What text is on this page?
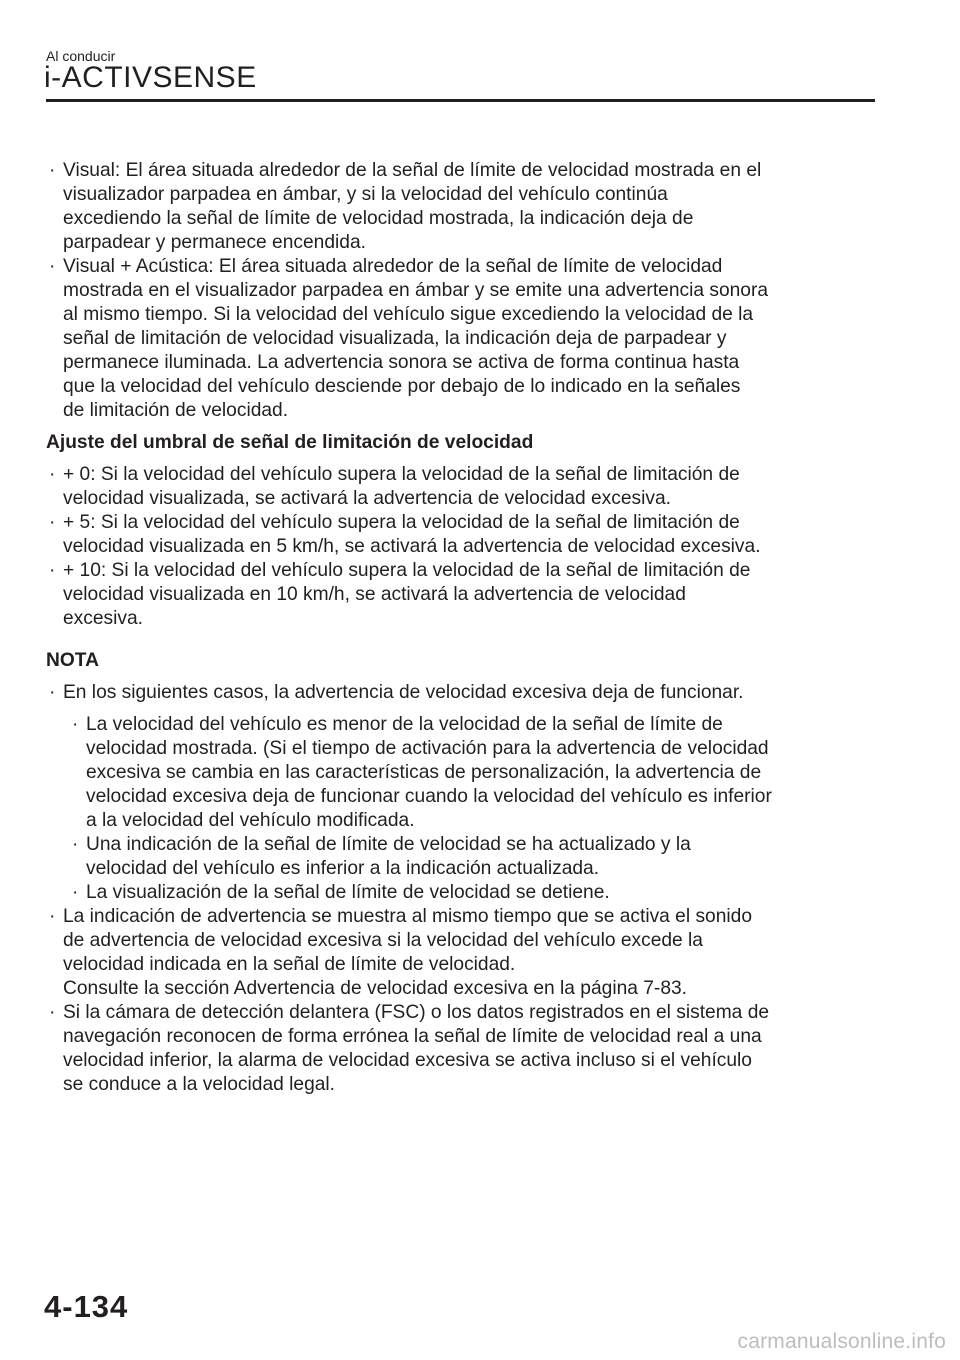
Al conducir
i-ACTIVSENSE
· Visual: El área situada alrededor de la señal de límite de velocidad mostrada en el
visualizador parpadea en ámbar, y si la velocidad del vehículo continúa
excediendo la señal de límite de velocidad mostrada, la indicación deja de
parpadear y permanece encendida.
· Visual + Acústica: El área situada alrededor de la señal de límite de velocidad
mostrada en el visualizador parpadea en ámbar y se emite una advertencia sonora
al mismo tiempo. Si la velocidad del vehículo sigue excediendo la velocidad de la
señal de limitación de velocidad visualizada, la indicación deja de parpadear y
permanece iluminada. La advertencia sonora se activa de forma continua hasta
que la velocidad del vehículo desciende por debajo de lo indicado en la señales
de limitación de velocidad.
Ajuste del umbral de señal de limitación de velocidad
· + 0: Si la velocidad del vehículo supera la velocidad de la señal de limitación de
velocidad visualizada, se activará la advertencia de velocidad excesiva.
· + 5: Si la velocidad del vehículo supera la velocidad de la señal de limitación de
velocidad visualizada en 5 km/h, se activará la advertencia de velocidad excesiva.
· + 10: Si la velocidad del vehículo supera la velocidad de la señal de limitación de
velocidad visualizada en 10 km/h, se activará la advertencia de velocidad
excesiva.
NOTA
· En los siguientes casos, la advertencia de velocidad excesiva deja de funcionar.
· La velocidad del vehículo es menor de la velocidad de la señal de límite de
velocidad mostrada. (Si el tiempo de activación para la advertencia de velocidad
excesiva se cambia en las características de personalización, la advertencia de
velocidad excesiva deja de funcionar cuando la velocidad del vehículo es inferior
a la velocidad del vehículo modificada.
· Una indicación de la señal de límite de velocidad se ha actualizado y la
velocidad del vehículo es inferior a la indicación actualizada.
· La visualización de la señal de límite de velocidad se detiene.
· La indicación de advertencia se muestra al mismo tiempo que se activa el sonido
de advertencia de velocidad excesiva si la velocidad del vehículo excede la
velocidad indicada en la señal de límite de velocidad.
Consulte la sección Advertencia de velocidad excesiva en la página 7-83.
· Si la cámara de detección delantera (FSC) o los datos registrados en el sistema de
navegación reconocen de forma errónea la señal de límite de velocidad real a una
velocidad inferior, la alarma de velocidad excesiva se activa incluso si el vehículo
se conduce a la velocidad legal.
4-134
carmanualsonline.info
